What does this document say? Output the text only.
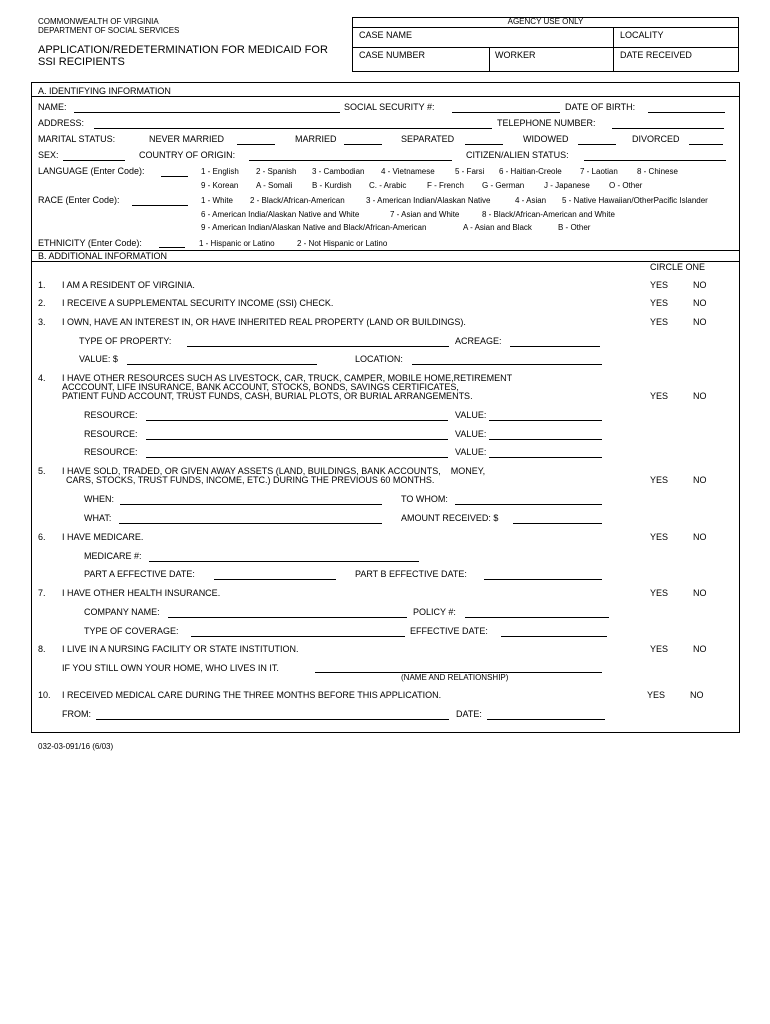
COMMONWEALTH OF VIRGINIA
DEPARTMENT OF SOCIAL SERVICES
APPLICATION/REDETERMINATION FOR MEDICAID FOR
SSI RECIPIENTS
AGENCY USE ONLY
CASE NAME	LOCALITY
CASE NUMBER	WORKER	DATE RECEIVED
A. IDENTIFYING INFORMATION
NAME:	SOCIAL SECURITY #:	DATE OF BIRTH:
ADDRESS:	TELEPHONE NUMBER:
MARITAL STATUS:	NEVER MARRIED	MARRIED	SEPARATED	WIDOWED	DIVORCED
SEX:	COUNTRY OF ORIGIN:	CITIZEN/ALIEN STATUS:
LANGUAGE (Enter Code):	1 - English 2 - Spanish 3 - Cambodian 4 - Vietnamese	5 - Farsi 6 - Haitian-Creole 7 - Laotian 8 - Chinese
9 - Korean A - Somali B - Kurdish C. - Arabic	F - French G - German J - Japanese O - Other
RACE (Enter Code):	1 - White 2 - Black/African-American	3 - American Indian/Alaskan Native	4 - Asian 5 - Native Hawaiian/OtherPacific Islander
6 - American India/Alaskan Native and White	7 - Asian and White	8 - Black/African-American and White
9 - American Indian/Alaskan Native and Black/African-American	A - Asian and Black	B - Other
ETHNICITY (Enter Code):	1 - Hispanic or Latino	2 - Not Hispanic or Latino
B. ADDITIONAL INFORMATION
CIRCLE ONE
1. I AM A RESIDENT OF VIRGINIA.	YES	NO
2. I RECEIVE A SUPPLEMENTAL SECURITY INCOME (SSI) CHECK.	YES	NO
3. I OWN, HAVE AN INTEREST IN, OR HAVE INHERITED REAL PROPERTY (LAND OR BUILDINGS).	YES	NO
TYPE OF PROPERTY:	ACREAGE:
VALUE: $	LOCATION:
4. I HAVE OTHER RESOURCES SUCH AS LIVESTOCK, CAR, TRUCK, CAMPER, MOBILE HOME,RETIREMENT
ACCCOUNT, LIFE INSURANCE, BANK ACCOUNT, STOCKS, BONDS, SAVINGS CERTIFICATES,
PATIENT FUND ACCOUNT, TRUST FUNDS, CASH, BURIAL PLOTS, OR BURIAL ARRANGEMENTS.	YES	NO
RESOURCE:	VALUE:
RESOURCE:	VALUE:
RESOURCE:	VALUE:
5. I HAVE SOLD, TRADED, OR GIVEN AWAY ASSETS (LAND, BUILDINGS, BANK ACCOUNTS,    MONEY,
CARS, STOCKS, TRUST FUNDS, INCOME, ETC.) DURING THE PREVIOUS 60 MONTHS.	YES	NO
WHEN:	TO WHOM:
WHAT:	AMOUNT RECEIVED: $
6. I HAVE MEDICARE.	YES	NO
MEDICARE #:
PART A EFFECTIVE DATE:	PART B EFFECTIVE DATE:
7. I HAVE OTHER HEALTH INSURANCE.	YES	NO
COMPANY NAME:	POLICY #:
TYPE OF COVERAGE:	EFFECTIVE DATE:
8. I LIVE IN A NURSING FACILITY OR STATE INSTITUTION.	YES	NO
IF YOU STILL OWN YOUR HOME, WHO LIVES IN IT.
(NAME AND RELATIONSHIP)
10. I RECEIVED MEDICAL CARE DURING THE THREE MONTHS BEFORE THIS APPLICATION.	YES	NO
FROM:	DATE:
032-03-091/16 (6/03)
